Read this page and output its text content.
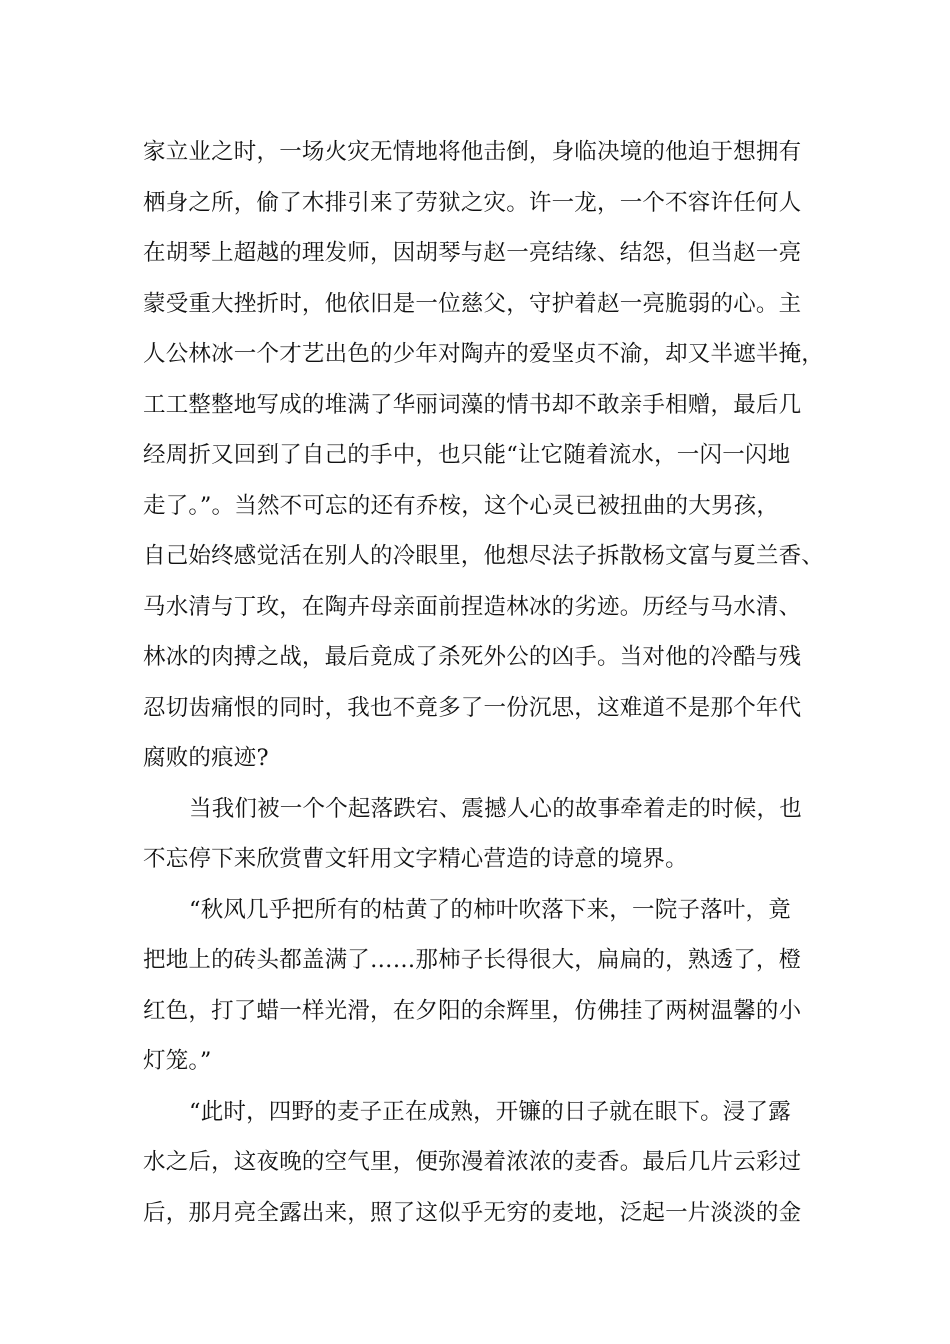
家立业之时，一场火灾无情地将他击倒，身临决境的他迫于想拥有
栖身之所，偷了木排引来了劳狱之灾。许一龙，一个不容许任何人
在胡琴上超越的理发师，因胡琴与赵一亮结缘、结怨，但当赵一亮
蒙受重大挫折时，他依旧是一位慈父，守护着赵一亮脆弱的心。主
人公林冰一个才艺出色的少年对陶卉的爱坚贞不渝，却又半遮半掩，
工工整整地写成的堆满了华丽词藻的情书却不敢亲手相赠，最后几
经周折又回到了自己的手中，也只能“让它随着流水，一闪一闪地
走了。”。当然不可忘的还有乔桉，这个心灵已被扭曲的大男孩，
自己始终感觉活在别人的冷眼里，他想尽法子拆散杨文富与夏兰香、
马水清与丁玫，在陶卉母亲面前捏造林冰的劣迹。历经与马水清、
林冰的肉搏之战，最后竟成了杀死外公的凶手。当对他的冷酷与残
忍切齿痛恨的同时，我也不竟多了一份沉思，这难道不是那个年代
腐败的痕迹?
当我们被一个个起落跌宕、震撼人心的故事牵着走的时候，也
不忘停下来欣赏曹文轩用文字精心营造的诗意的境界。
“秋风几乎把所有的枯黄了的柿叶吹落下来，一院子落叶，竟
把地上的砖头都盖满了……那柿子长得很大，扁扁的，熟透了，橙
红色，打了蜡一样光滑，在夕阳的余辉里，仿佛挂了两树温馨的小
灯笼。”
“此时，四野的麦子正在成熟，开镰的日子就在眼下。浸了露
水之后，这夜晚的空气里，便弥漫着浓浓的麦香。最后几片云彩过
后，那月亮全露出来，照了这似乎无穷的麦地，泛起一片淡淡的金
